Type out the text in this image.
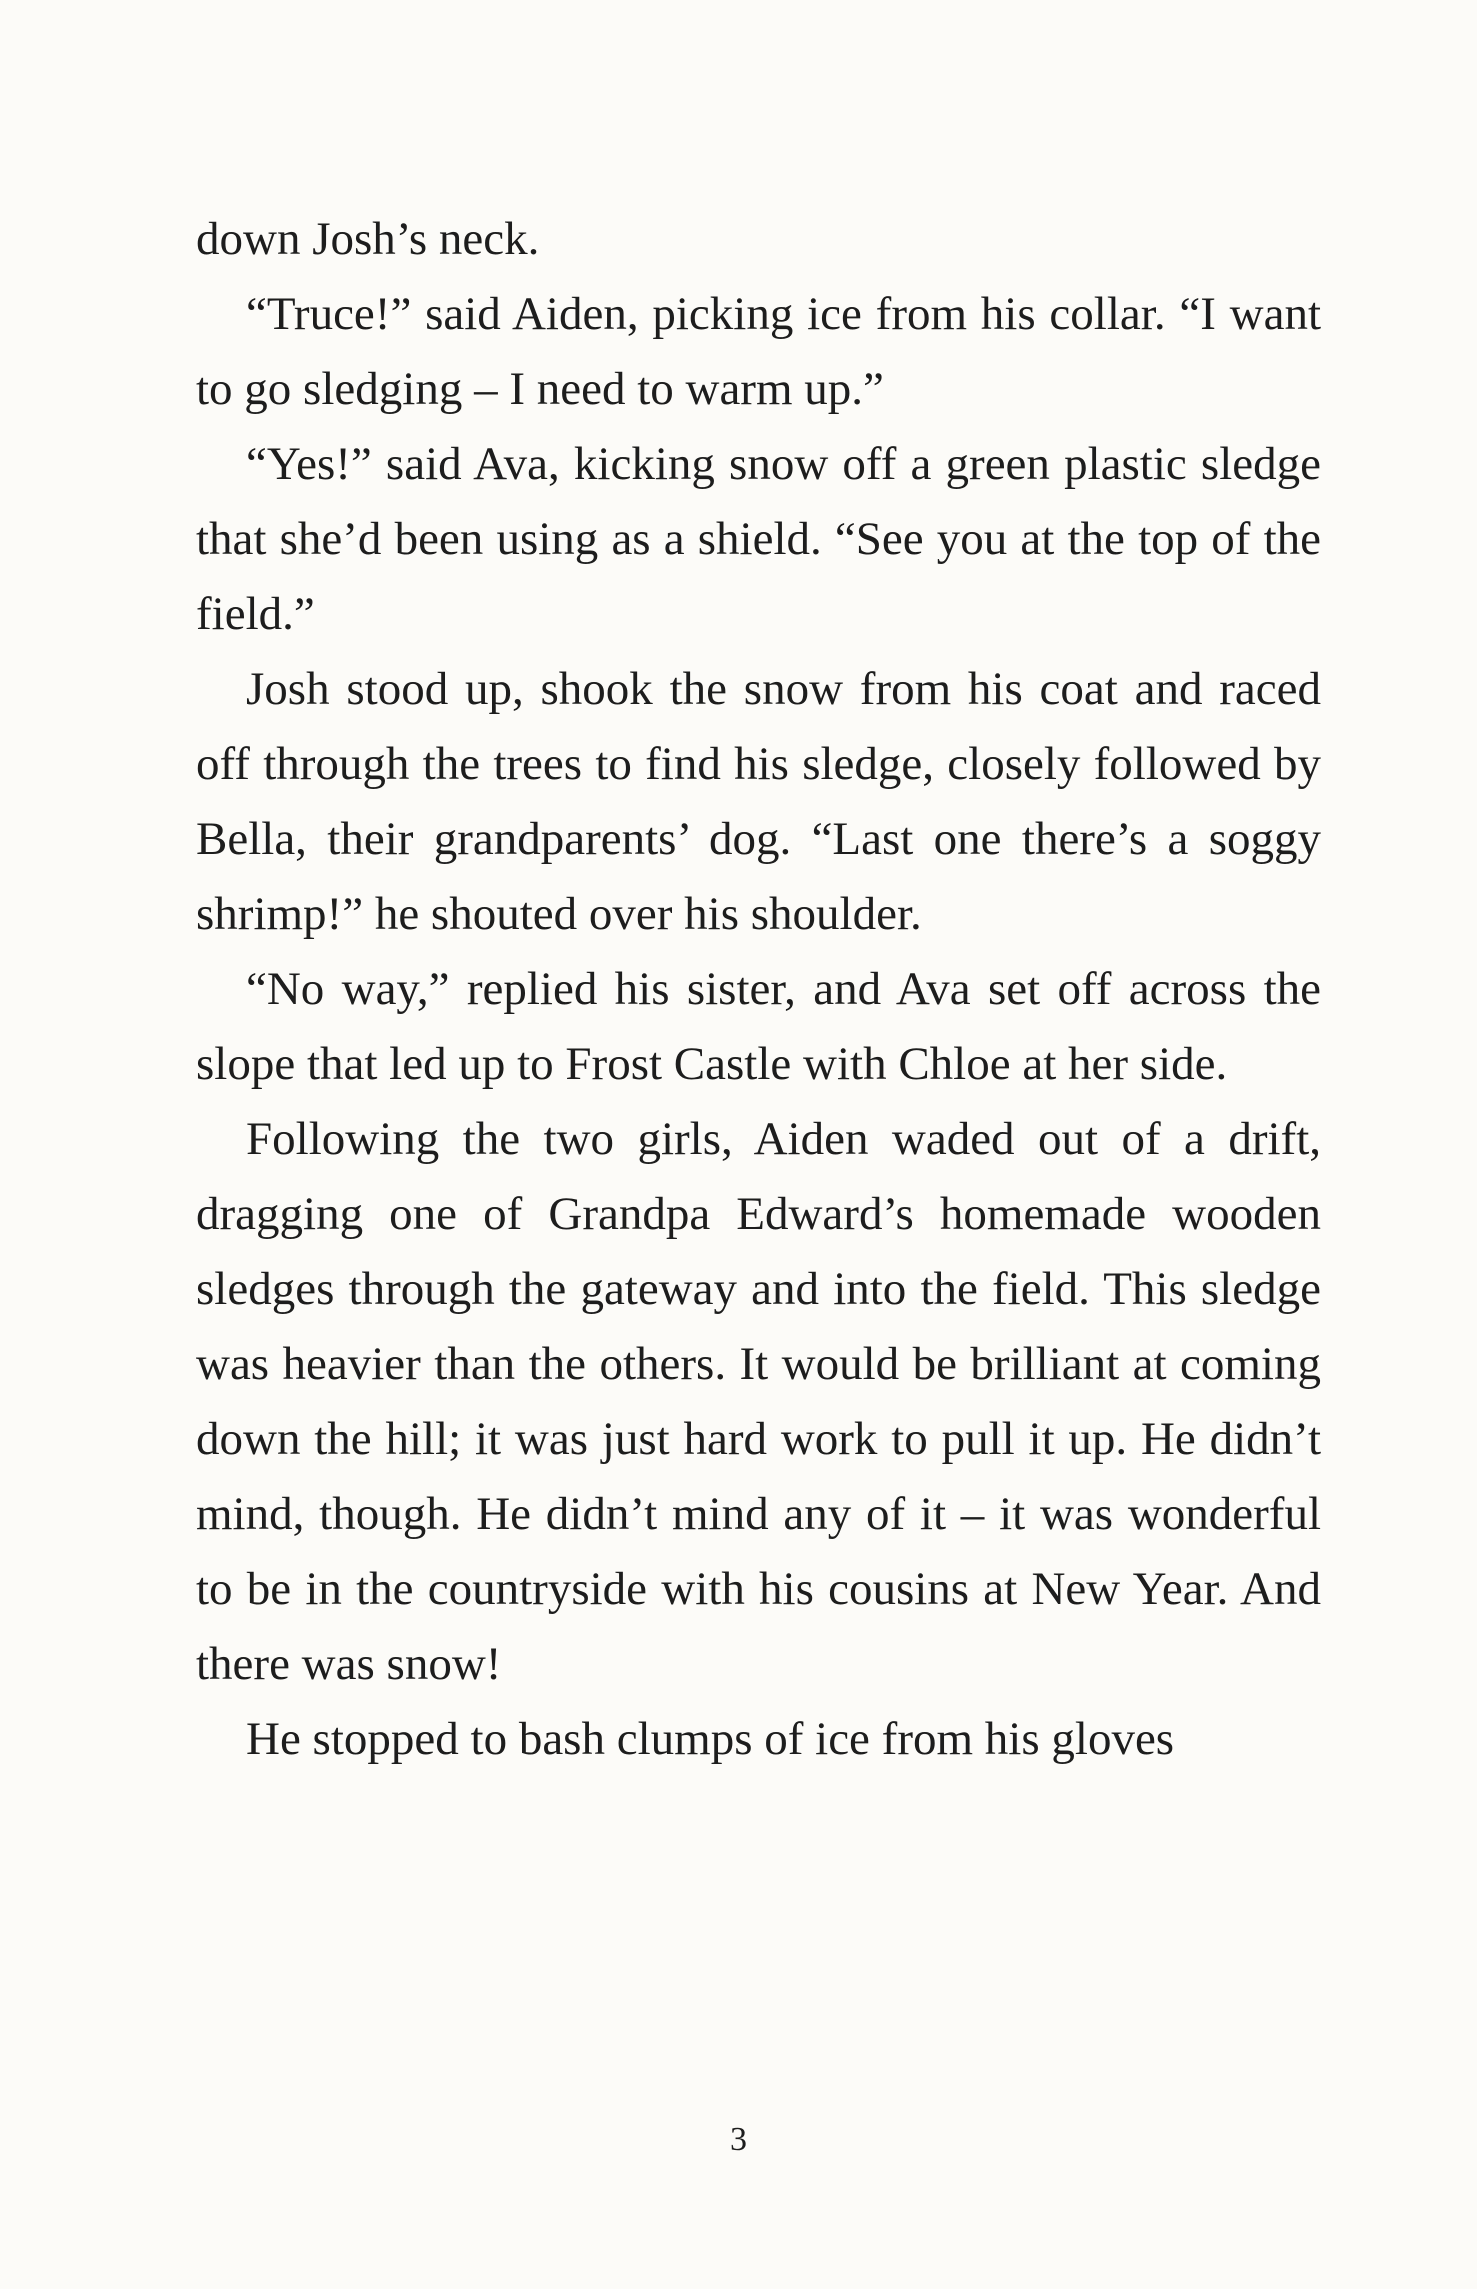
down Josh’s neck.

“Truce!” said Aiden, picking ice from his collar. “I want to go sledging – I need to warm up.”

“Yes!” said Ava, kicking snow off a green plastic sledge that she’d been using as a shield. “See you at the top of the field.”

Josh stood up, shook the snow from his coat and raced off through the trees to find his sledge, closely followed by Bella, their grandparents’ dog. “Last one there’s a soggy shrimp!” he shouted over his shoulder.

“No way,” replied his sister, and Ava set off across the slope that led up to Frost Castle with Chloe at her side.

Following the two girls, Aiden waded out of a drift, dragging one of Grandpa Edward’s homemade wooden sledges through the gateway and into the field. This sledge was heavier than the others. It would be brilliant at coming down the hill; it was just hard work to pull it up. He didn’t mind, though. He didn’t mind any of it – it was wonderful to be in the countryside with his cousins at New Year. And there was snow!

He stopped to bash clumps of ice from his gloves

3
